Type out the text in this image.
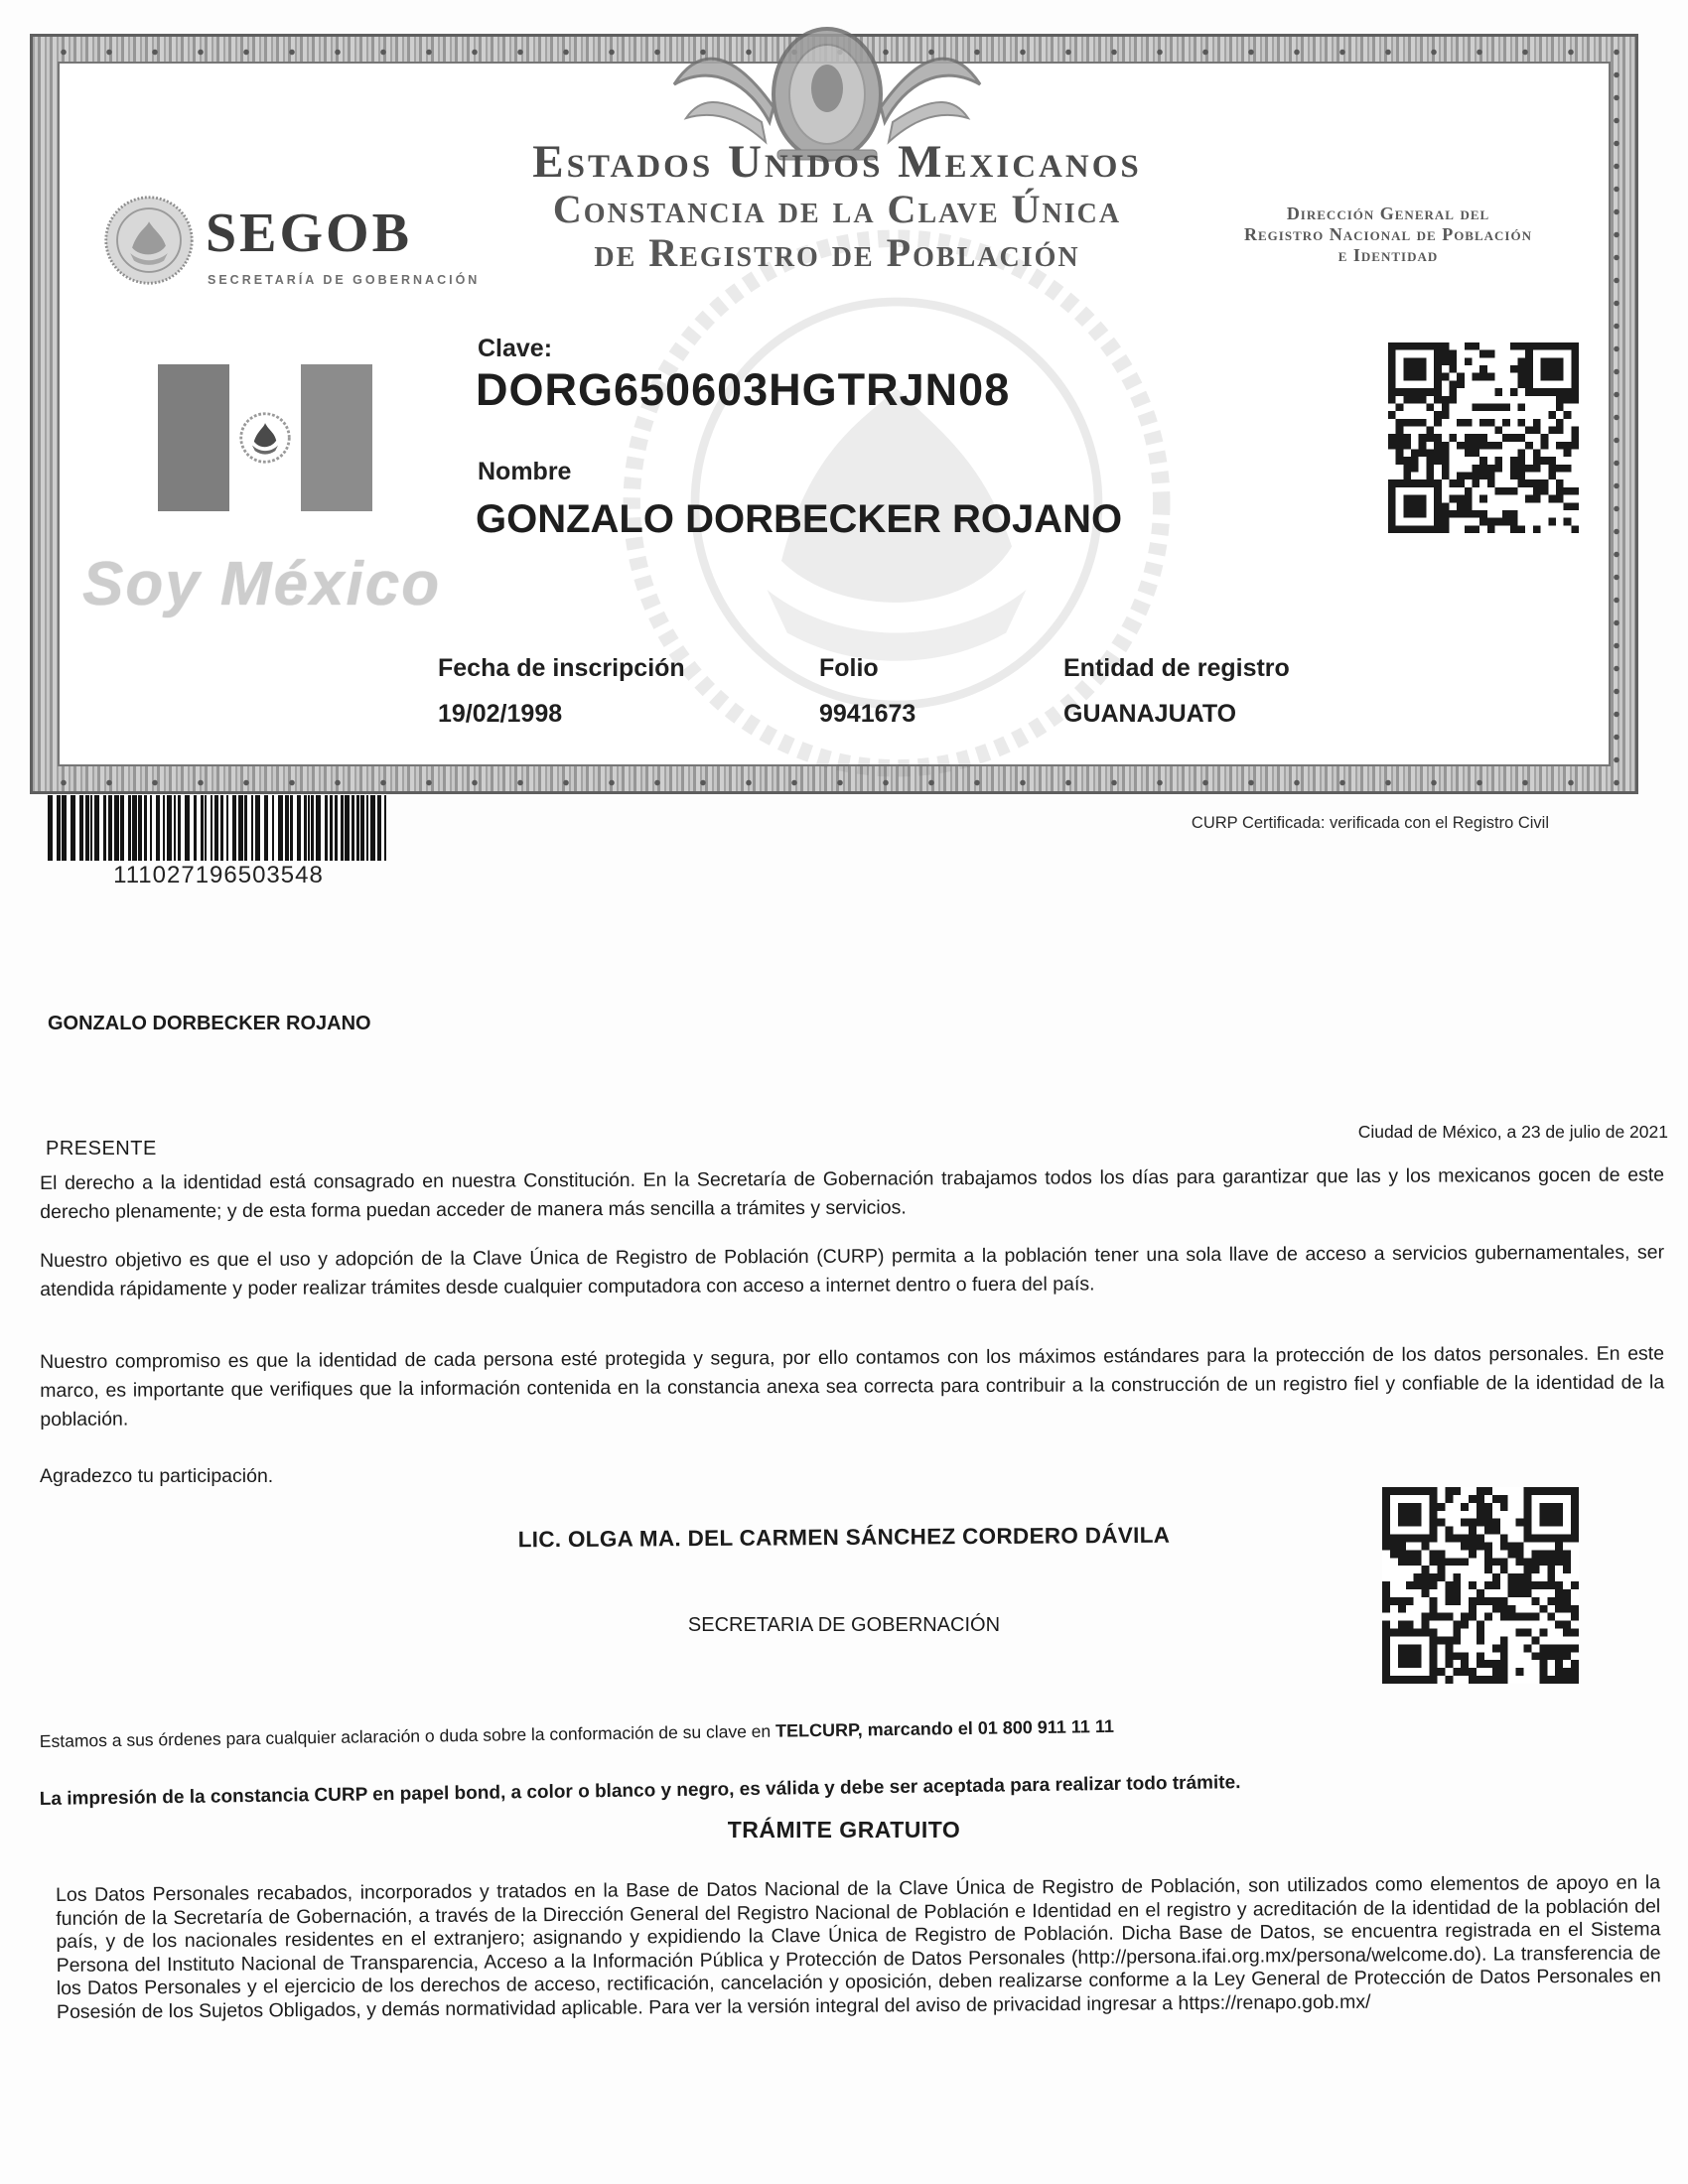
SEGOB
SECRETARÍA DE GOBERNACIÓN
Estados Unidos Mexicanos
Constancia de la Clave Única
de Registro de Población
Dirección General del
Registro Nacional de Población
e Identidad
Clave:
DORG650603HGTRJN08
Nombre
GONZALO DORBECKER ROJANO
Soy México
Fecha de inscripción
19/02/1998
Folio
9941673
Entidad de registro
GUANAJUATO
111027196503548
CURP Certificada: verificada con el Registro Civil
GONZALO DORBECKER ROJANO
Ciudad de México, a 23 de julio de 2021
PRESENTE
El derecho a la identidad está consagrado en nuestra Constitución. En la Secretaría de Gobernación trabajamos todos los días para garantizar que las y los mexicanos gocen de este derecho plenamente; y de esta forma puedan acceder de manera más sencilla a trámites y servicios.
Nuestro objetivo es que el uso y adopción de la Clave Única de Registro de Población (CURP) permita a la población tener una sola llave de acceso a servicios gubernamentales, ser atendida rápidamente y poder realizar trámites desde cualquier computadora con acceso a internet dentro o fuera del país.
Nuestro compromiso es que la identidad de cada persona esté protegida y segura, por ello contamos con los máximos estándares para la protección de los datos personales. En este marco, es importante que verifiques que la información contenida en la constancia anexa sea correcta para contribuir a la construcción de un registro fiel y confiable de la identidad de la población.
Agradezco tu participación.
LIC. OLGA MA. DEL CARMEN SÁNCHEZ CORDERO DÁVILA
SECRETARIA DE GOBERNACIÓN
Estamos a sus órdenes para cualquier aclaración o duda sobre la conformación de su clave en TELCURP, marcando el 01 800 911 11 11
La impresión de la constancia CURP en papel bond, a color o blanco y negro, es válida y debe ser aceptada para realizar todo trámite.
TRÁMITE GRATUITO
Los Datos Personales recabados, incorporados y tratados en la Base de Datos Nacional de la Clave Única de Registro de Población, son utilizados como elementos de apoyo en la función de la Secretaría de Gobernación, a través de la Dirección General del Registro Nacional de Población e Identidad en el registro y acreditación de la identidad de la población del país, y de los nacionales residentes en el extranjero; asignando y expidiendo la Clave Única de Registro de Población. Dicha Base de Datos, se encuentra registrada en el Sistema Persona del Instituto Nacional de Transparencia, Acceso a la Información Pública y Protección de Datos Personales (http://persona.ifai.org.mx/persona/welcome.do). La transferencia de los Datos Personales y el ejercicio de los derechos de acceso, rectificación, cancelación y oposición, deben realizarse conforme a la Ley General de Protección de Datos Personales en Posesión de los Sujetos Obligados, y demás normatividad aplicable. Para ver la versión integral del aviso de privacidad ingresar a https://renapo.gob.mx/
